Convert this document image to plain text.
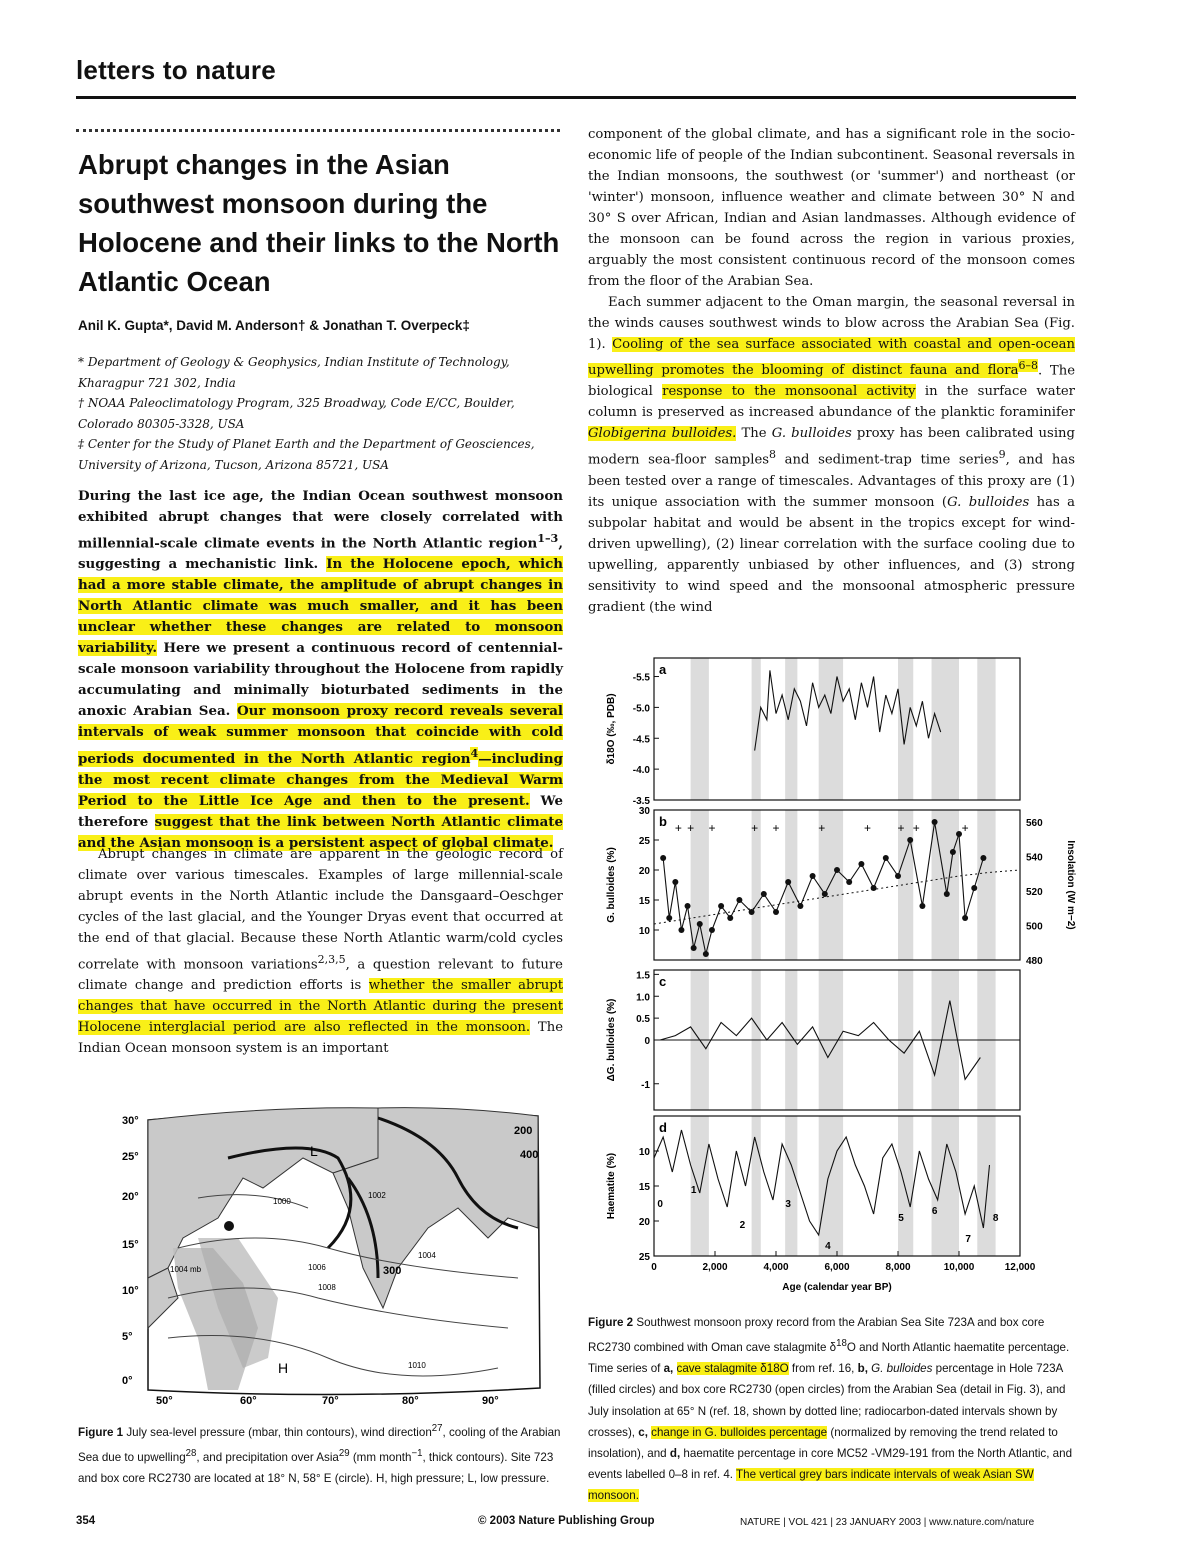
letters to nature
Abrupt changes in the Asian southwest monsoon during the Holocene and their links to the North Atlantic Ocean
Anil K. Gupta*, David M. Anderson† & Jonathan T. Overpeck‡
* Department of Geology & Geophysics, Indian Institute of Technology, Kharagpur 721 302, India
† NOAA Paleoclimatology Program, 325 Broadway, Code E/CC, Boulder, Colorado 80305-3328, USA
‡ Center for the Study of Planet Earth and the Department of Geosciences, University of Arizona, Tucson, Arizona 85721, USA
During the last ice age, the Indian Ocean southwest monsoon exhibited abrupt changes that were closely correlated with millennial-scale climate events in the North Atlantic region$^{1-3}$, suggesting a mechanistic link. In the Holocene epoch, which had a more stable climate, the amplitude of abrupt changes in North Atlantic climate was much smaller, and it has been unclear whether these changes are related to monsoon variability. Here we present a continuous record of centennial-scale monsoon variability throughout the Holocene from rapidly accumulating and minimally bioturbated sediments in the anoxic Arabian Sea. Our monsoon proxy record reveals several intervals of weak summer monsoon that coincide with cold periods documented in the North Atlantic region$^4$—including the most recent climate changes from the Medieval Warm Period to the Little Ice Age and then to the present. We therefore suggest that the link between North Atlantic climate and the Asian monsoon is a persistent aspect of global climate.

Abrupt changes in climate are apparent in the geologic record of climate over various timescales. Examples of large millennial-scale abrupt events in the North Atlantic include the Dansgaard–Oeschger cycles of the last glacial, and the Younger Dryas event that occurred at the end of that glacial. Because these North Atlantic warm/cold cycles correlate with monsoon variations$^{2,3,5}$, a question relevant to future climate change and prediction efforts is whether the smaller abrupt changes that have occurred in the North Atlantic during the present Holocene interglacial period are also reflected in the monsoon. The Indian Ocean monsoon system is an important

component of the global climate, and has a significant role in the socio-economic life of people of the Indian subcontinent. Seasonal reversals in the Indian monsoons, the southwest (or 'summer') and northeast (or 'winter') monsoon, influence weather and climate between 30° N and 30° S over African, Indian and Asian landmasses. Although evidence of the monsoon can be found across the region in various proxies, arguably the most consistent continuous record of the monsoon comes from the floor of the Arabian Sea.

Each summer adjacent to the Oman margin, the seasonal reversal in the winds causes southwest winds to blow across the Arabian Sea (Fig. 1). Cooling of the sea surface associated with coastal and open-ocean upwelling promotes the blooming of distinct fauna and flora$^{6-8}$. The biological response to the monsoonal activity in the surface water column is preserved as increased abundance of the planktic foraminifer Globigerina bulloides. The G. bulloides proxy has been calibrated using modern sea-floor samples$^8$ and sediment-trap time series$^9$, and has been tested over a range of timescales. Advantages of this proxy are (1) its unique association with the summer monsoon (G. bulloides has a subpolar habitat and would be absent in the tropics except for wind-driven upwelling), (2) linear correlation with the surface cooling due to upwelling, apparently unbiased by other influences, and (3) strong sensitivity to wind speed and the monsoonal atmospheric pressure gradient (the wind

30°
25°
20°
15°
10°
5°
0°
50°	60°	70°	80°	90°
200
400
1002
1000
1004
1006
1008
1010
300
1004 mb
H
L
Figure 1 July sea-level pressure (mbar, thin contours), wind direction$^{27}$, cooling of the Arabian Sea due to upwelling$^{28}$, and precipitation over Asia$^{29}$ (mm month$^{-1}$, thick contours). Site 723 and box core RC2730 are located at 18° N, 58° E (circle). H, high pressure; L, low pressure.
a
-5.5
-5.0
-4.5
-4.0
-3.5
δ18O (‰, PDB)
b
10
15
20
25
30
G. bulloides (%)
+ + +	+ +	+	+ + +	+
480
500
520
540
560
Insolation (W m−2)
c
1.5
1.0
0.5
0
-1
ΔG. bulloides (%)
d
10
15
20
25
Haematite (%)
0	2,000	4,000	6,000	8,000	10,000	12,000
Age (calendar year BP)
0
1
2
3
4
5
6
7
8
Figure 2 Southwest monsoon proxy record from the Arabian Sea Site 723A and box core RC2730 combined with Oman cave stalagmite $\delta^{18}O$ and North Atlantic haematite percentage. Time series of a, cave stalagmite δ18O from ref. 16, b, G. bulloides percentage in Hole 723A (filled circles) and box core RC2730 (open circles) from the Arabian Sea (detail in Fig. 3), and July insolation at 65° N (ref. 18, shown by dotted line; radiocarbon-dated intervals shown by crosses), c, change in G. bulloides percentage (normalized by removing the trend related to insolation), and d, haematite percentage in core MC52 -VM29-191 from the North Atlantic, and events labelled 0–8 in ref. 4. The vertical grey bars indicate intervals of weak Asian SW monsoon.
354	© 2003 Nature Publishing Group	NATURE | VOL 421 | 23 JANUARY 2003 | www.nature.com/nature
